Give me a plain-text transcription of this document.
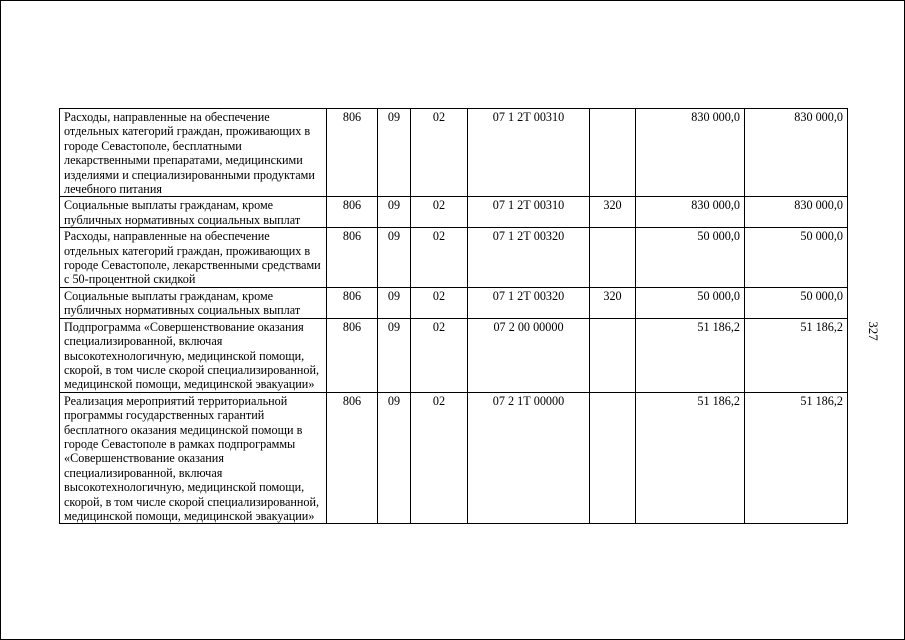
Расходы, направленные на обеспечение отдельных категорий граждан, проживающих в городе Севастополе, бесплатными лекарственными препаратами, медицинскими изделиями и специализированными продуктами лечебного питания	806	09	02	07 1 2Т 00310		830 000,0	830 000,0
Социальные выплаты гражданам, кроме публичных нормативных социальных выплат	806	09	02	07 1 2Т 00310	320	830 000,0	830 000,0
Расходы, направленные на обеспечение отдельных категорий граждан, проживающих в городе Севастополе, лекарственными средствами с 50-процентной скидкой	806	09	02	07 1 2Т 00320		50 000,0	50 000,0
Социальные выплаты гражданам, кроме публичных нормативных социальных выплат	806	09	02	07 1 2Т 00320	320	50 000,0	50 000,0
Подпрограмма «Совершенствование оказания специализированной, включая высокотехнологичную, медицинской помощи, скорой, в том числе скорой специализированной, медицинской помощи, медицинской эвакуации»	806	09	02	07 2 00 00000		51 186,2	51 186,2
Реализация мероприятий территориальной программы государственных гарантий бесплатного оказания медицинской помощи в городе Севастополе в рамках подпрограммы «Совершенствование оказания специализированной, включая высокотехнологичную, медицинской помощи, скорой, в том числе скорой специализированной, медицинской помощи, медицинской эвакуации»	806	09	02	07 2 1Т 00000		51 186,2	51 186,2
327
